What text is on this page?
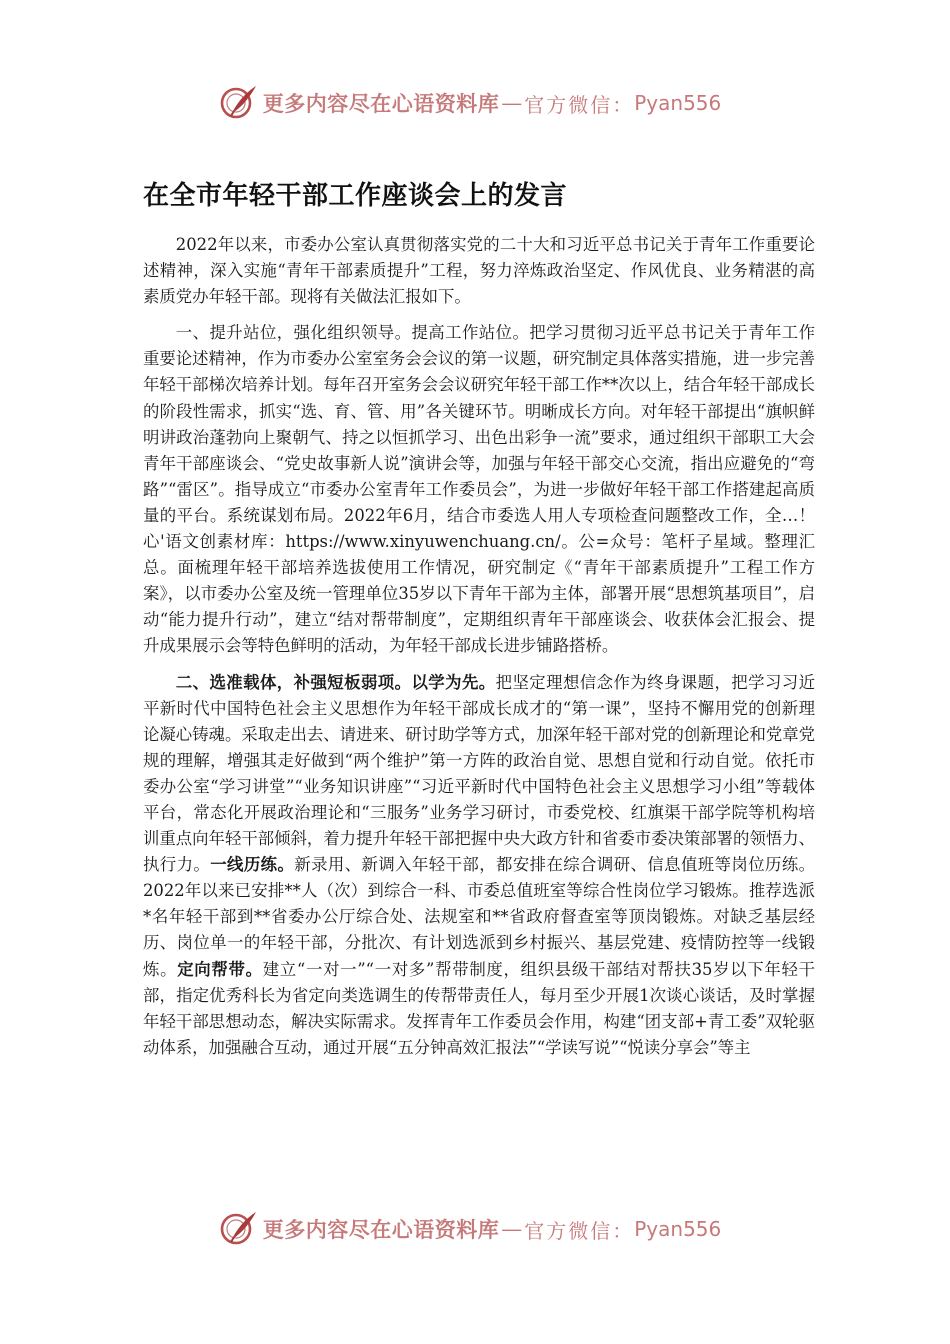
更多内容尽在心语资料库 — 官方微信： Pyan556
在全市年轻干部工作座谈会上的发言

2022年以来，市委办公室认真贯彻落实党的二十大和习近平总书记关于青年工作重要论述精神，深入实施“青年干部素质提升”工程，努力淬炼政治坚定、作风优良、业务精湛的高素质党办年轻干部。现将有关做法汇报如下。

一、提升站位，强化组织领导。提高工作站位。把学习贯彻习近平总书记关于青年工作重要论述精神，作为市委办公室室务会会议的第一议题，研究制定具体落实措施，进一步完善年轻干部梯次培养计划。每年召开室务会会议研究年轻干部工作**次以上，结合年轻干部成长的阶段性需求，抓实“选、育、管、用”各关键环节。明晰成长方向。对年轻干部提出“旗帜鲜明讲政治蓬勃向上聚朝气、持之以恒抓学习、出色出彩争一流”要求，通过组织干部职工大会青年干部座谈会、“党史故事新人说”演讲会等，加强与年轻干部交心交流，指出应避免的“弯路”“雷区”。指导成立“市委办公室青年工作委员会”，为进一步做好年轻干部工作搭建起高质量的平台。系统谋划布局。2022年6月，结合市委选人用人专项检查问题整改工作，全…！心'语文创素材库：https://www.xinyuwenchuang.cn/。公=众号：笔杆子星域。整理汇总。面梳理年轻干部培养选拔使用工作情况，研究制定《“青年干部素质提升”工程工作方案》，以市委办公室及统一管理单位35岁以下青年干部为主体，部署开展“思想筑基项目”，启动“能力提升行动”，建立“结对帮带制度”，定期组织青年干部座谈会、收获体会汇报会、提升成果展示会等特色鲜明的活动，为年轻干部成长进步铺路搭桥。

二、选准载体，补强短板弱项。以学为先。把坚定理想信念作为终身课题，把学习习近平新时代中国特色社会主义思想作为年轻干部成长成才的“第一课”，坚持不懈用党的创新理论凝心铸魂。采取走出去、请进来、研讨助学等方式，加深年轻干部对党的创新理论和党章党规的理解，增强其走好做到“两个维护”第一方阵的政治自觉、思想自觉和行动自觉。依托市委办公室“学习讲堂”“业务知识讲座”“习近平新时代中国特色社会主义思想学习小组”等载体平台，常态化开展政治理论和“三服务”业务学习研讨，市委党校、红旗渠干部学院等机构培训重点向年轻干部倾斜，着力提升年轻干部把握中央大政方针和省委市委决策部署的领悟力、执行力。一线历练。新录用、新调入年轻干部，都安排在综合调研、信息值班等岗位历练。2022年以来已安排**人（次）到综合一科、市委总值班室等综合性岗位学习锻炼。推荐选派*名年轻干部到**省委办公厅综合处、法规室和**省政府督查室等顶岗锻炼。对缺乏基层经历、岗位单一的年轻干部，分批次、有计划选派到乡村振兴、基层党建、疫情防控等一线锻炼。定向帮带。建立“一对一”“一对多”帮带制度，组织县级干部结对帮扶35岁以下年轻干部，指定优秀科长为省定向类选调生的传帮带责任人，每月至少开展1次谈心谈话，及时掌握年轻干部思想动态，解决实际需求。发挥青年工作委员会作用，构建“团支部+青工委”双轮驱动体系，加强融合互动，通过开展“五分钟高效汇报法”“学读写说”“悦读分享会”等主

更多内容尽在心语资料库 — 官方微信： Pyan556
